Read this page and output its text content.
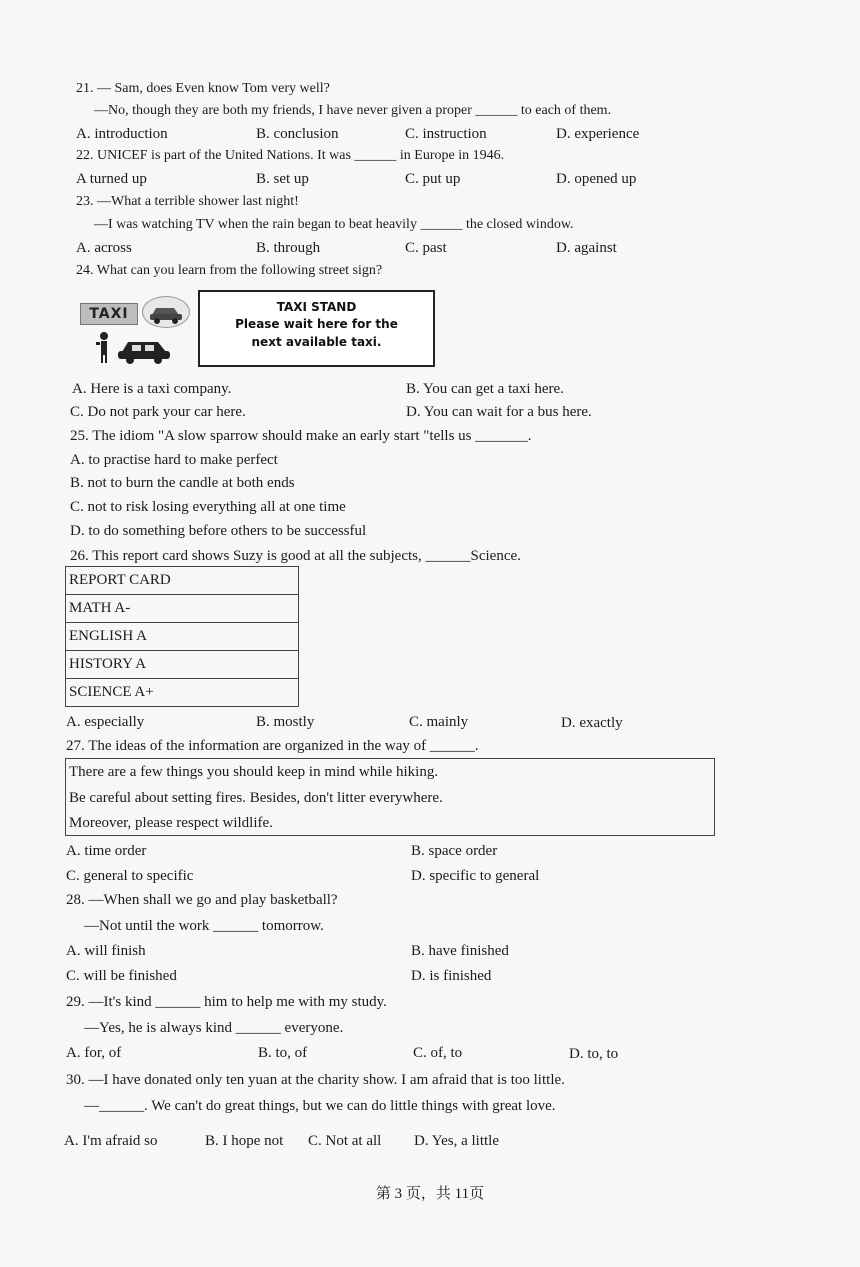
21. — Sam, does Even know Tom very well?
—No, though they are both my friends, I have never given a proper ______ to each of them.
A. introduction	B. conclusion	C. instruction	D. experience
22. UNICEF is part of the United Nations. It was ______ in Europe in 1946.
A turned up	B. set up	C. put up	D. opened up
23. —What a terrible shower last night!
—I was watching TV when the rain began to beat heavily ______ the closed window.
A. across	B. through	C. past	D. against
24. What can you learn from the following street sign?
TAXI	TAXI STAND
Please wait here for the
next available taxi.
A. Here is a taxi company.	B. You can get a taxi here.
C. Do not park your car here.	D. You can wait for a bus here.
25. The idiom "A slow sparrow should make an early start "tells us _______.
A. to practise hard to make perfect
B. not to burn the candle at both ends
C. not to risk losing everything all at one time
D. to do something before others to be successful
26. This report card shows Suzy is good at all the subjects, ______Science.
REPORT CARD
MATH A-
ENGLISH A
HISTORY A
SCIENCE A+
A. especially	B. mostly	C. mainly	D. exactly
27. The ideas of the information are organized in the way of ______.
There are a few things you should keep in mind while hiking.
Be careful about setting fires. Besides, don't litter everywhere.
Moreover, please respect wildlife.
A. time order	B. space order
C. general to specific	D. specific to general
28. —When shall we go and play basketball?
—Not until the work ______ tomorrow.
A. will finish	B. have finished
C. will be finished	D. is finished
29. —It's kind ______ him to help me with my study.
—Yes, he is always kind ______ everyone.
A. for, of	B. to, of	C. of, to	D. to, to
30. —I have donated only ten yuan at the charity show. I am afraid that is too little.
—______. We can't do great things, but we can do little things with great love.
A. I'm afraid so	B. I hope not C. Not at all D. Yes, a little
第 3 页，共 11页
